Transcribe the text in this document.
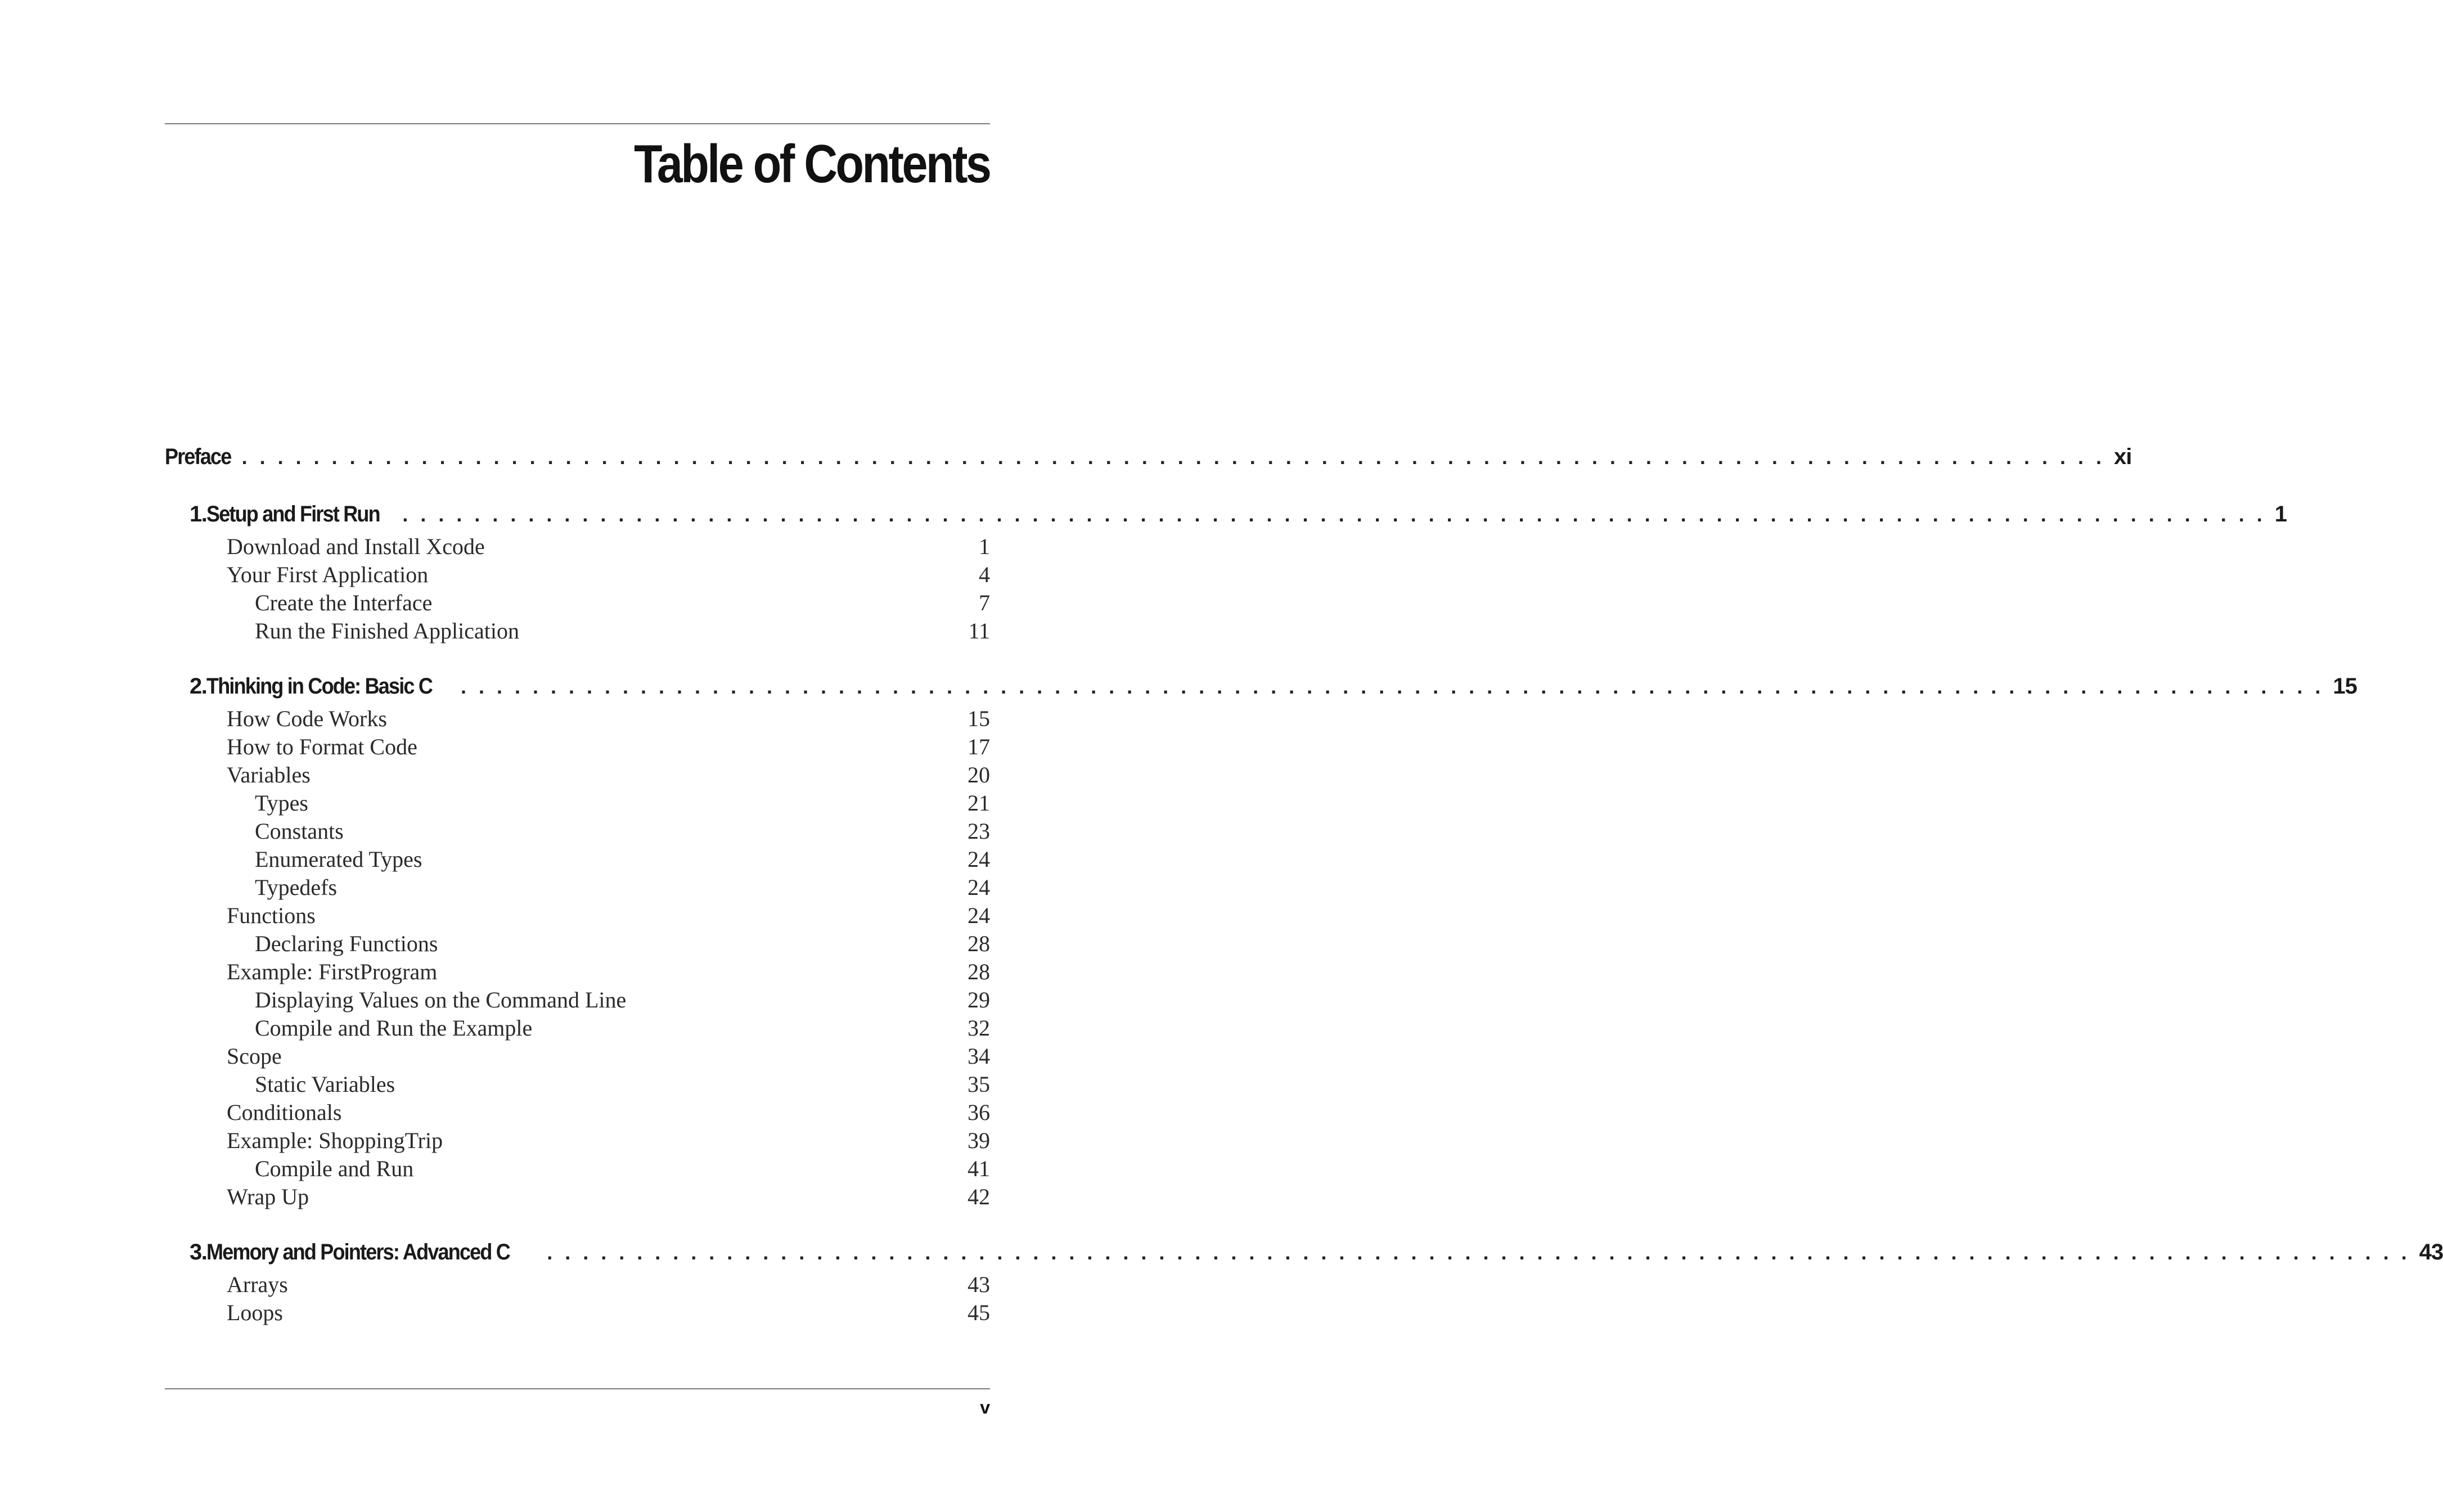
Table of Contents
Preface . . . . . . . . . . . . . . . . . . . . . . . . . . . . . . . . . . . . . . . . . . . . . . . . . . . . . . . . . . . . . . . . . . . . . . . . . . . . . . . . . . . . . . . . . . . . . . . . . . . . . . . . xi
1. Setup and First Run . . . . . . . . . . . . . . . . . . . . . . . . . . . . . . . . . . . . . . . . . . . . . . . . . . . . . . . . . . . . . . . . . . . . . . . . . . . . . . . . . . . . . . . . . . . . . . . . . . . . . . . . 1
Download and Install Xcode	1
Your First Application	4
Create the Interface	7
Run the Finished Application	11
2. Thinking in Code: Basic C . . . . . . . . . . . . . . . . . . . . . . . . . . . . . . . . . . . . . . . . . . . . . . . . . . . . . . . . . . . . . . . . . . . . . . . . . . . . . . . . . . . . . . . . . . . . . . . . . . . . . . . . 15
How Code Works	15
How to Format Code	17
Variables	20
Types	21
Constants	23
Enumerated Types	24
Typedefs	24
Functions	24
Declaring Functions	28
Example: FirstProgram	28
Displaying Values on the Command Line	29
Compile and Run the Example	32
Scope	34
Static Variables	35
Conditionals	36
Example: ShoppingTrip	39
Compile and Run	41
Wrap Up	42
3. Memory and Pointers: Advanced C . . . . . . . . . . . . . . . . . . . . . . . . . . . . . . . . . . . . . . . . . . . . . . . . . . . . . . . . . . . . . . . . . . . . . . . . . . . . . . . . . . . . . . . . . . . . . . . . . . . . . . . . 43
Arrays	43
Loops	45
v
